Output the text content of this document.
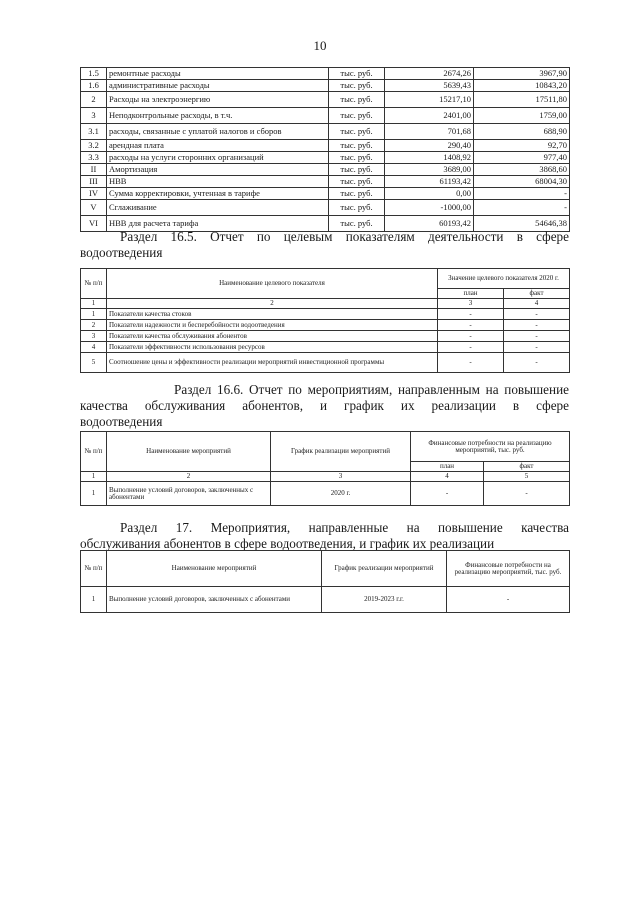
10
1.5	ремонтные расходы	тыс. руб.	2674,26	3967,90
1.6	административные расходы	тыс. руб.	5639,43	10843,20
2	Расходы на электроэнергию	тыс. руб.	15217,10	17511,80
3	Неподконтрольные расходы, в т.ч.	тыс. руб.	2401,00	1759,00
3.1	расходы, связанные с уплатой налогов и сборов	тыс. руб.	701,68	688,90
3.2	арендная плата	тыс. руб.	290,40	92,70
3.3	расходы на услуги сторонних организаций	тыс. руб.	1408,92	977,40
II	Амортизация	тыс. руб.	3689,00	3868,60
III	НВВ	тыс. руб.	61193,42	68004,30
IV	Сумма корректировки, учтенная в тарифе	тыс. руб.	0,00	-
V	Сглаживание	тыс. руб.	-1000,00	-
VI	НВВ для расчета тарифа	тыс. руб.	60193,42	54646,38
Раздел 16.5. Отчет по целевым показателям деятельности в сфере
водоотведения
№ п/п	Наименование целевого показателя	Значение целевого показателя 2020 г.	
		план	факт
1	2	3	4
1	Показатели качества стоков	-	-
2	Показатели надежности и бесперебойности водоотведения	-	-
3	Показатели качества обслуживания абонентов	-	-
4	Показатели эффективности использования ресурсов	-	-
5	Соотношение цены и эффективности реализации мероприятий инвестиционной программы	-	-
Раздел 16.6. Отчет по мероприятиям, направленным на повышение
качества обслуживания абонентов, и график их реализации в сфере
водоотведения
№ п/п	Наименование мероприятий	График реализации мероприятий	Финансовые потребности на реализацию мероприятий, тыс. руб.	
			план	факт
1	2	3	4	5
1	Выполнение условий договоров, заключенных с абонентами	2020 г.	-	-
Раздел 17. Мероприятия, направленные на повышение качества
обслуживания абонентов в сфере водоотведения, и график их реализации
№ п/п	Наименование мероприятий	График реализации мероприятий	Финансовые потребности на реализацию мероприятий, тыс. руб.
1	Выполнение условий договоров, заключенных с абонентами	2019-2023 г.г.	-
